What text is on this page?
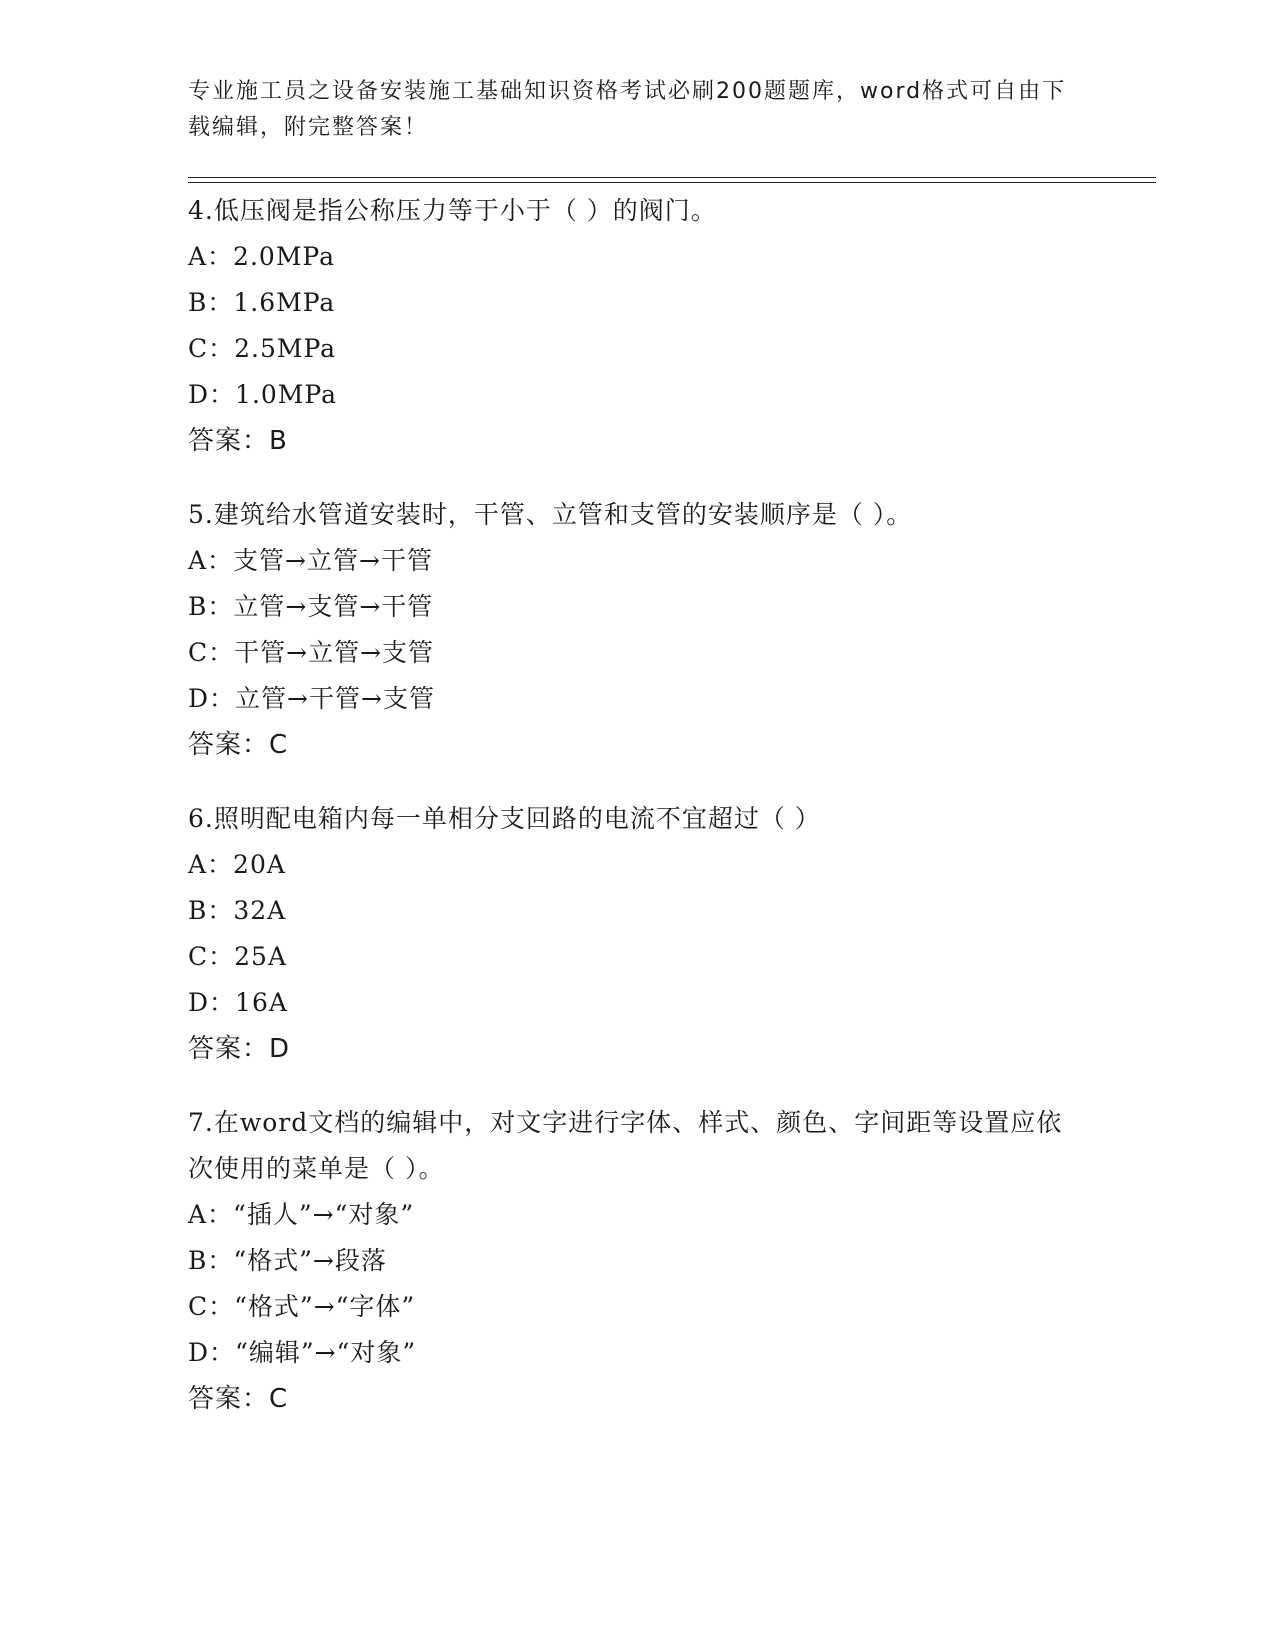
专业施工员之设备安装施工基础知识资格考试必刷200题题库，word格式可自由下载编辑，附完整答案！
4.低压阀是指公称压力等于小于（ ）的阀门。
A：2.0MPa
B：1.6MPa
C：2.5MPa
D：1.0MPa
答案：B
5.建筑给水管道安装时，干管、立管和支管的安装顺序是（ ）。
A：支管→立管→干管
B：立管→支管→干管
C：干管→立管→支管
D：立管→干管→支管
答案：C
6.照明配电箱内每一单相分支回路的电流不宜超过（ ）
A：20A
B：32A
C：25A
D：16A
答案：D
7.在word文档的编辑中，对文字进行字体、样式、颜色、字间距等设置应依次使用的菜单是（ ）。
A：“插人”→“对象”
B：“格式”→段落
C：“格式”→“字体”
D：“编辑”→“对象”
答案：C
